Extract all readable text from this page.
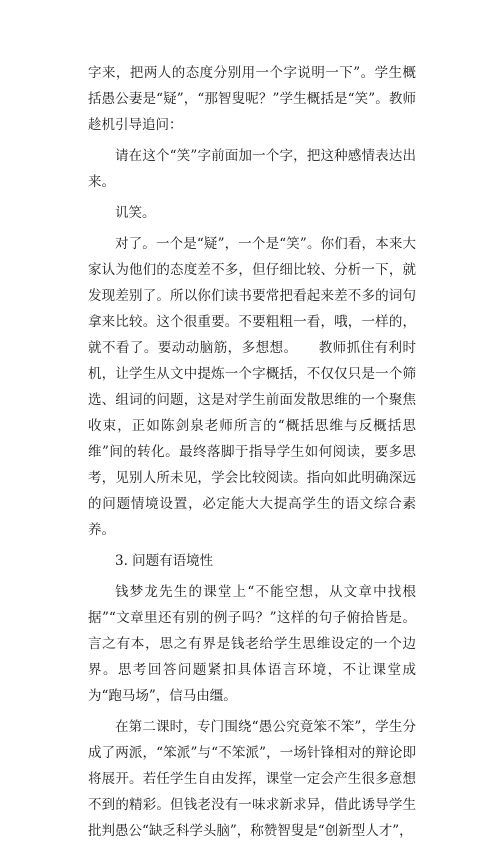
字来，把两人的态度分别用一个字说明一下”。学生概括愚公妻是“疑”，“那智叟呢？”学生概括是“笑”。教师趁机引导追问：

请在这个“笑”字前面加一个字，把这种感情表达出来。

讥笑。

对了。一个是“疑”，一个是“笑”。你们看，本来大家认为他们的态度差不多，但仔细比较、分析一下，就发现差别了。所以你们读书要常把看起来差不多的词句拿来比较。这个很重要。不要粗粗一看，哦，一样的，就不看了。要动动脑筋，多想想。　　教师抓住有利时机，让学生从文中提炼一个字概括，不仅仅只是一个筛选、组词的问题，这是对学生前面发散思维的一个聚焦收束，正如陈剑泉老师所言的“概括思维与反概括思维”间的转化。最终落脚于指导学生如何阅读，要多思考，见别人所未见，学会比较阅读。指向如此明确深远的问题情境设置，必定能大大提高学生的语文综合素养。

3. 问题有语境性

钱梦龙先生的课堂上“不能空想，从文章中找根据”“文章里还有别的例子吗？”这样的句子俯拾皆是。言之有本，思之有界是钱老给学生思维设定的一个边界。思考回答问题紧扣具体语言环境，不让课堂成为“跑马场”，信马由缰。

在第二课时，专门围绕“愚公究竟笨不笨”，学生分成了两派，“笨派”与“不笨派”，一场针锋相对的辩论即将展开。若任学生自由发挥，课堂一定会产生很多意想不到的精彩。但钱老没有一味求新求异，借此诱导学生批判愚公“缺乏科学头脑”，称赞智叟是“创新型人才”，
